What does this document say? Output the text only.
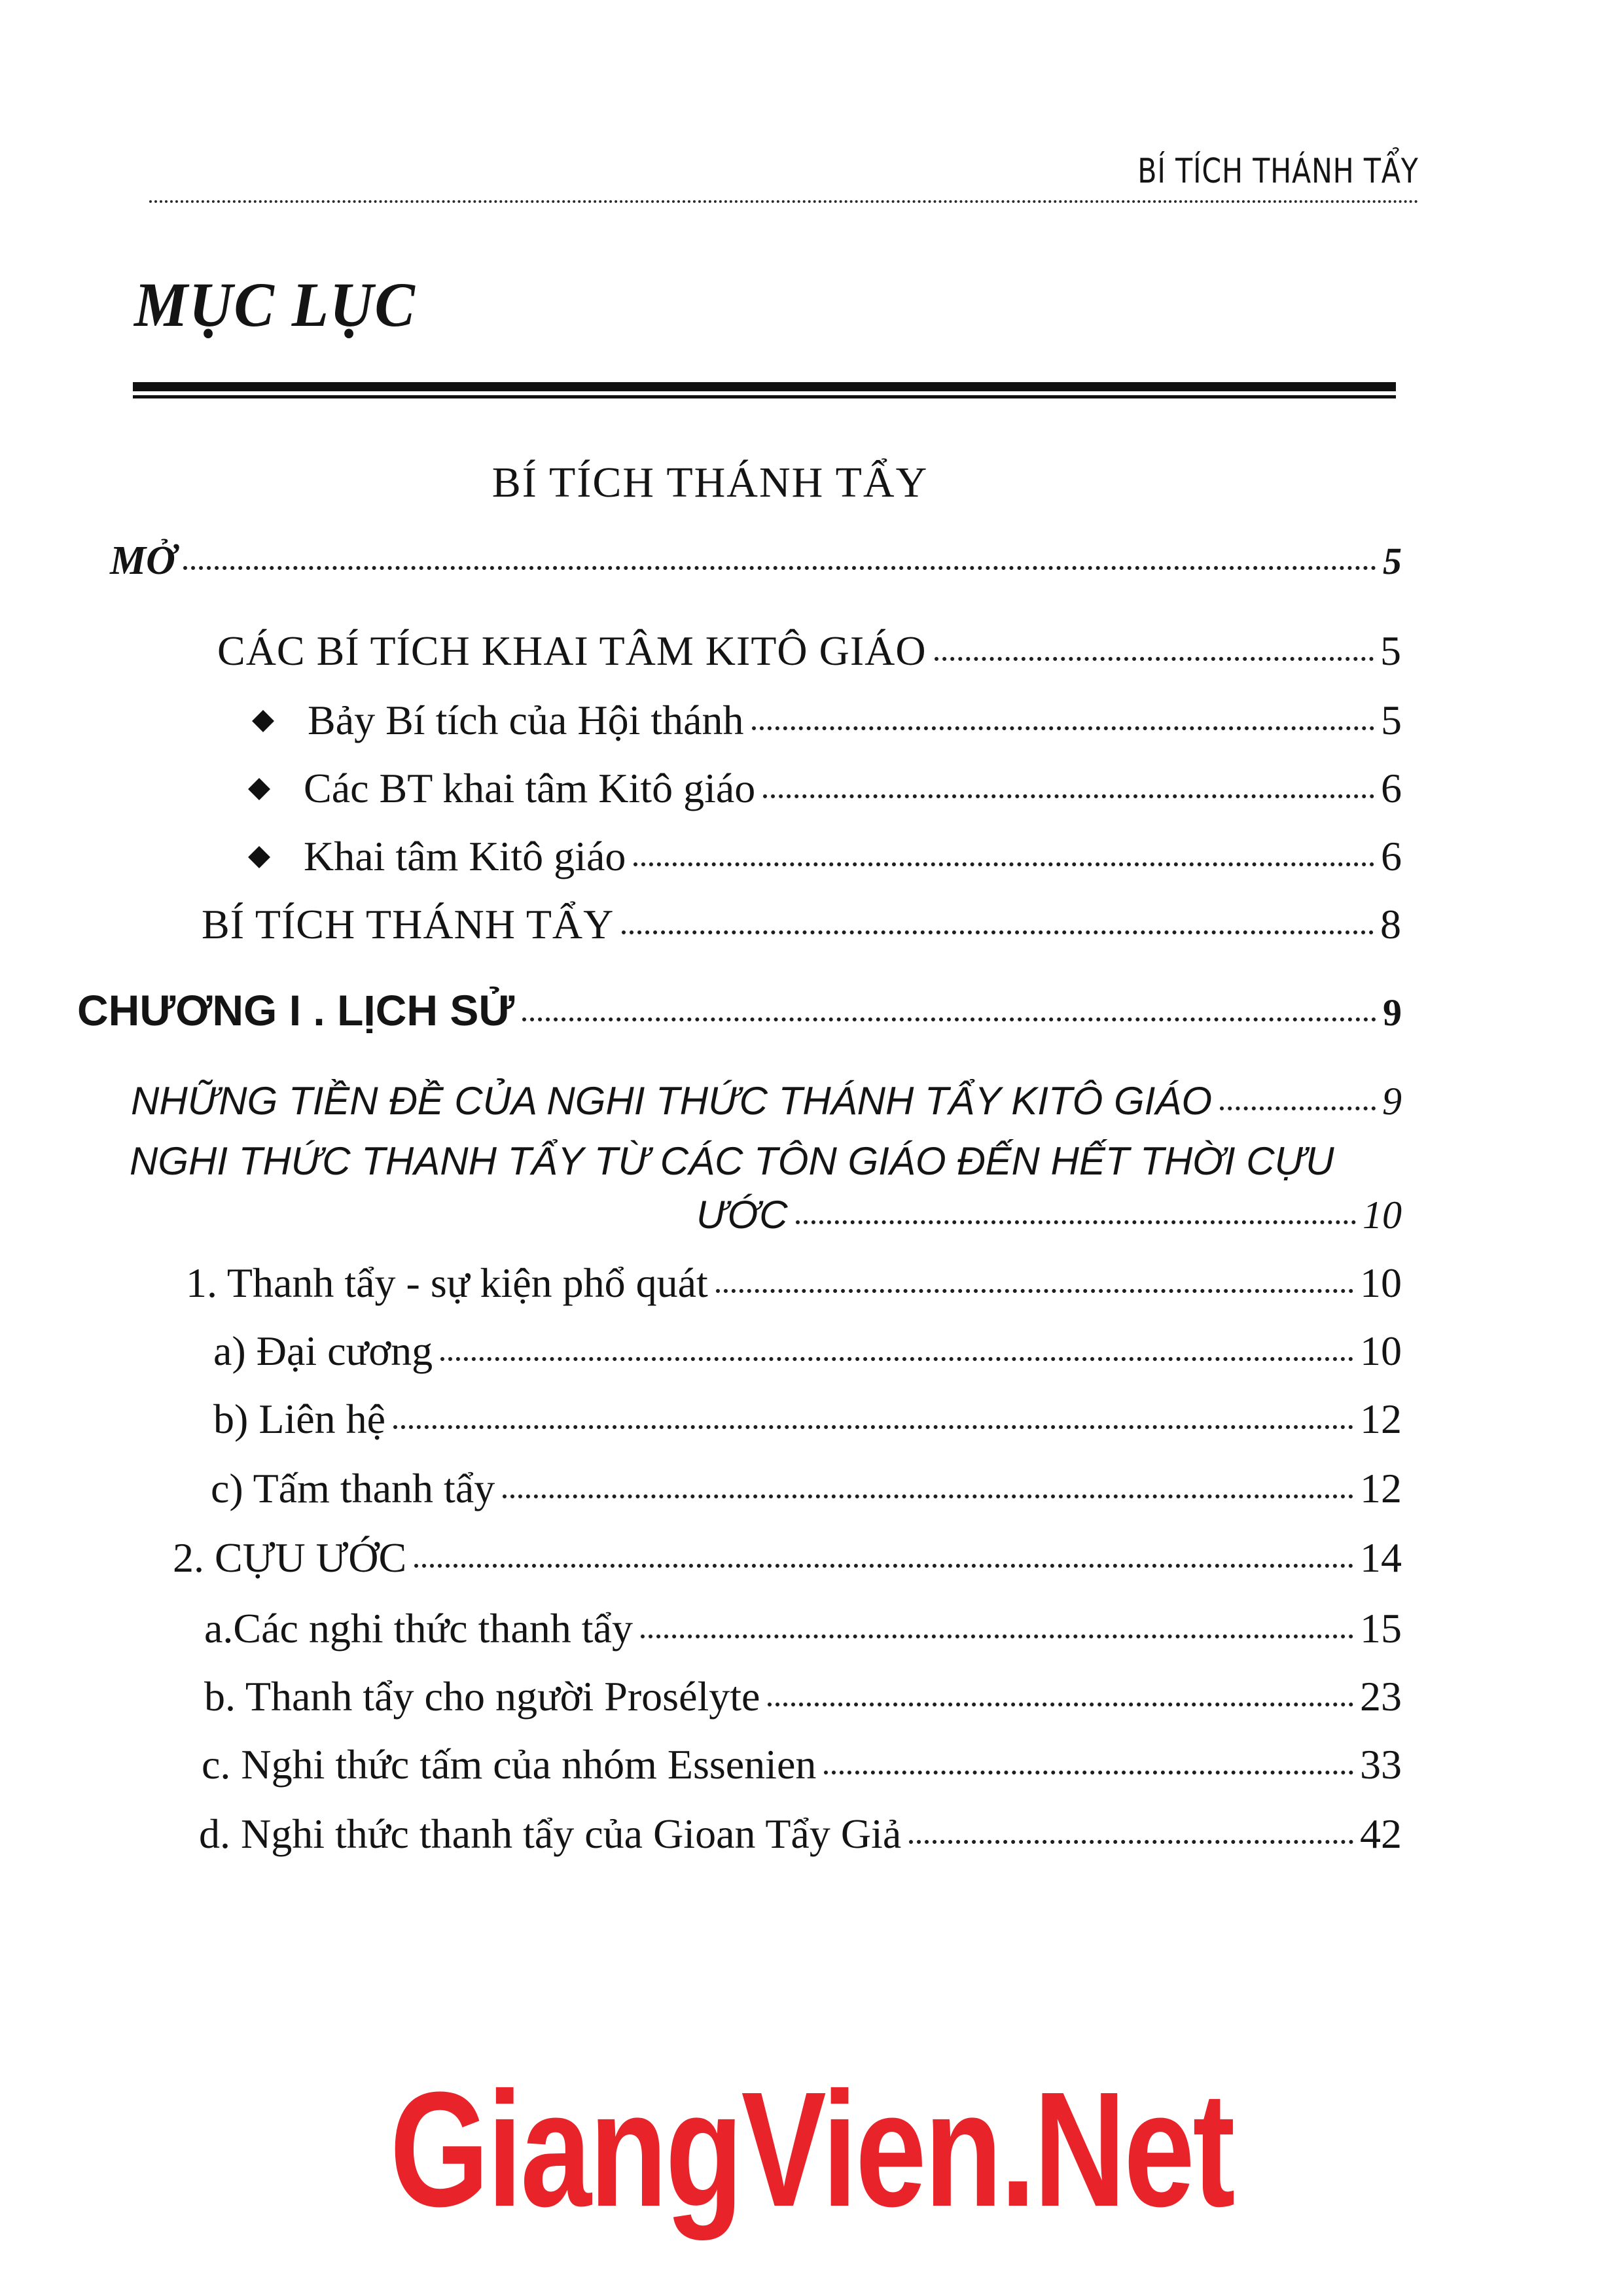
BÍ TÍCH THÁNH TẨY
MỤC LỤC
BÍ TÍCH THÁNH TẨY
MỞ	5
CÁC BÍ TÍCH KHAI TÂM KITÔ GIÁO	5
Bảy Bí tích của Hội thánh	5
Các BT khai tâm Kitô giáo	6
Khai tâm Kitô giáo	6
BÍ TÍCH THÁNH TẨY	8
CHƯƠNG I . LỊCH SỬ	9
NHỮNG TIỀN ĐỀ CỦA NGHI THỨC THÁNH TẨY KITÔ GIÁO	9
NGHI THỨC THANH TẨY TỪ CÁC TÔN GIÁO ĐẾN HẾT THỜI CỰU
ƯỚC	10
1. Thanh tẩy - sự kiện phổ quát	10
a) Đại cương	10
b) Liên hệ	12
c) Tấm thanh tẩy	12
2. CỰU ƯỚC	14
a.Các nghi thức thanh tẩy	15
b. Thanh tẩy cho người Prosélyte	23
c. Nghi thức tấm của nhóm Essenien	33
d. Nghi thức thanh tẩy của Gioan Tẩy Giả	42
GiangVien.Net
